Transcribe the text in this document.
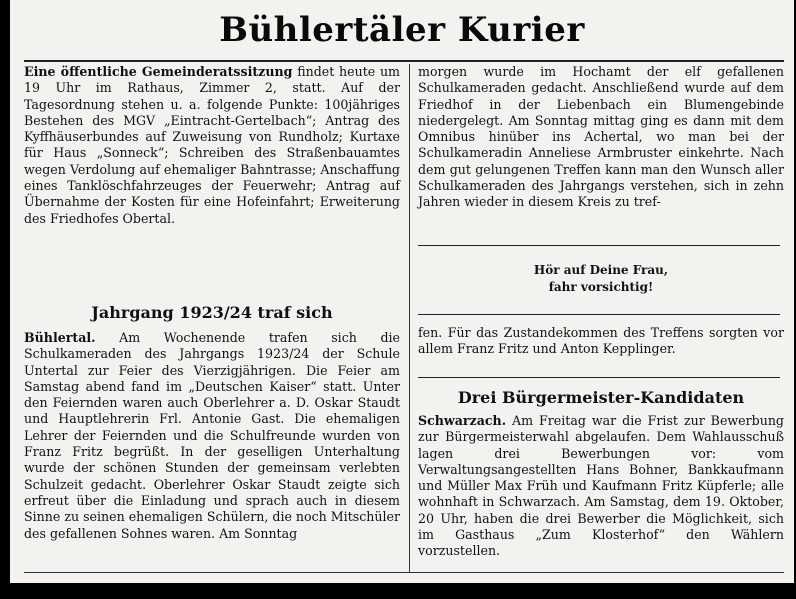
Bühlertäler Kurier

Eine öffentliche Gemeinderatssitzung findet heute um 19 Uhr im Rathaus, Zimmer 2, statt. Auf der Tagesordnung stehen u. a. folgende Punkte: 100jähriges Bestehen des MGV „Eintracht-Gertelbach“; Antrag des Kyffhäuserbundes auf Zuweisung von Rundholz; Kurtaxe für Haus „Sonneck“; Schreiben des Straßenbauamtes wegen Verdolung auf ehemaliger Bahntrasse; Anschaffung eines Tanklöschfahrzeuges der Feuerwehr; Antrag auf Übernahme der Kosten für eine Hofeinfahrt; Erweiterung des Friedhofes Obertal.

Jahrgang 1923/24 traf sich

Bühlertal. Am Wochenende trafen sich die Schulkameraden des Jahrgangs 1923/24 der Schule Untertal zur Feier des Vierzigjährigen. Die Feier am Samstag abend fand im „Deutschen Kaiser“ statt. Unter den Feiernden waren auch Oberlehrer a. D. Oskar Staudt und Hauptlehrerin Frl. Antonie Gast. Die ehemaligen Lehrer der Feiernden und die Schulfreunde wurden von Franz Fritz begrüßt. In der geselligen Unterhaltung wurde der schönen Stunden der gemeinsam verlebten Schulzeit gedacht. Oberlehrer Oskar Staudt zeigte sich erfreut über die Einladung und sprach auch in diesem Sinne zu seinen ehemaligen Schülern, die noch Mitschüler des gefallenen Sohnes waren. Am Sonntag

morgen wurde im Hochamt der elf gefallenen Schulkameraden gedacht. Anschließend wurde auf dem Friedhof in der Liebenbach ein Blumengebinde niedergelegt. Am Sonntag mittag ging es dann mit dem Omnibus hinüber ins Achertal, wo man bei der Schulkameradin Anneliese Armbruster einkehrte. Nach dem gut gelungenen Treffen kann man den Wunsch aller Schulkameraden des Jahrgangs verstehen, sich in zehn Jahren wieder in diesem Kreis zu tref-

Hör auf Deine Frau,
fahr vorsichtig!

fen. Für das Zustandekommen des Treffens sorgten vor allem Franz Fritz und Anton Kepplinger.

Drei Bürgermeister-Kandidaten

Schwarzach. Am Freitag war die Frist zur Bewerbung zur Bürgermeisterwahl abgelaufen. Dem Wahlausschuß lagen drei Bewerbungen vor: vom Verwaltungsangestellten Hans Bohner, Bankkaufmann und Müller Max Früh und Kaufmann Fritz Küpferle; alle wohnhaft in Schwarzach. Am Samstag, dem 19. Oktober, 20 Uhr, haben die drei Bewerber die Möglichkeit, sich im Gasthaus „Zum Klosterhof“ den Wählern vorzustellen.
